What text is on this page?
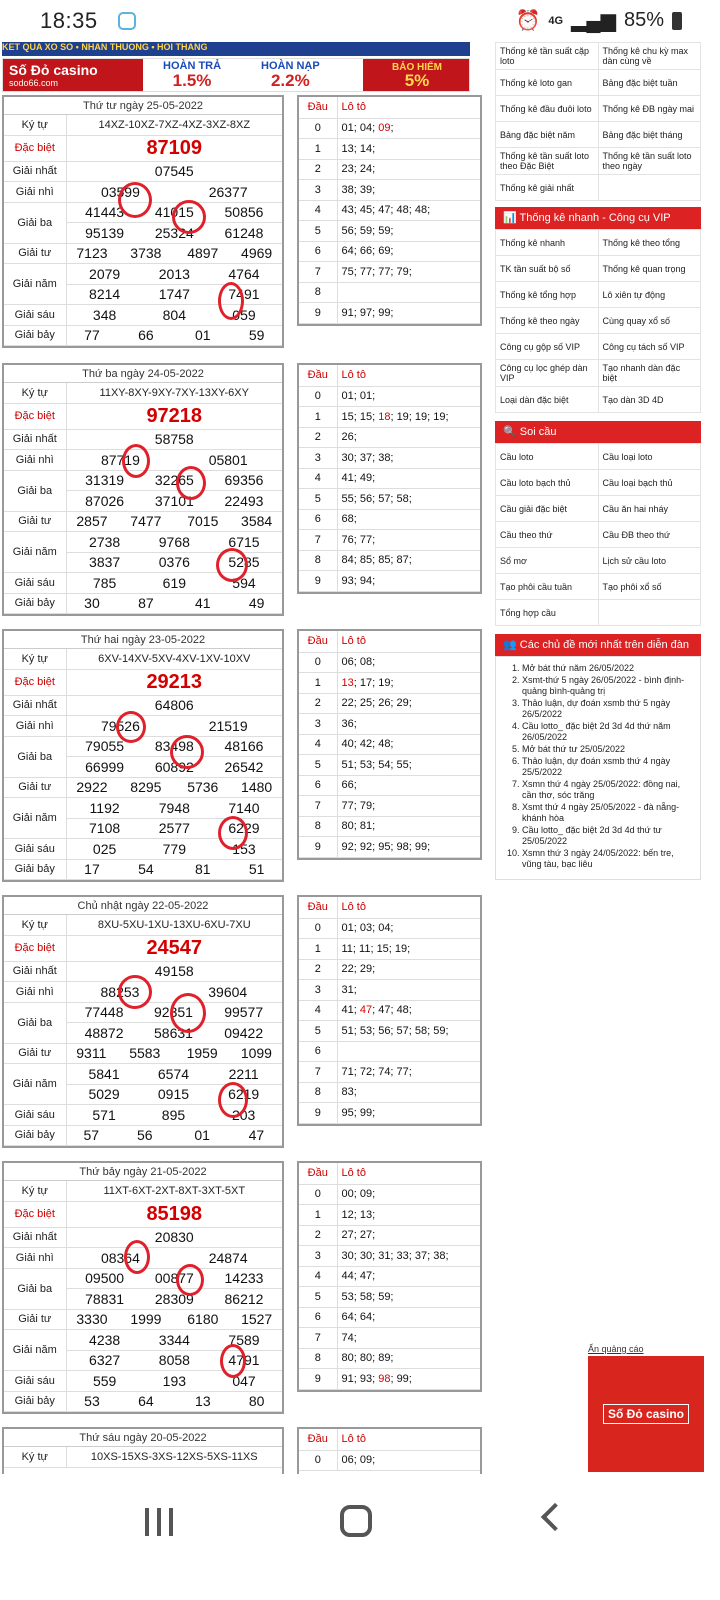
18:35	⏰ 4G ▂▄▆ 85%
KET QUA XO SO • NHAN THUONG • HOI THANG
Số Đỏ casino
sodo66.com
HOÀN TRẢ
1.5%
HOÀN NẠP
2.2%
BẢO HIỂM
5%
Thống kê tần suất cặp loto	Thống kê chu kỳ max dàn cùng về
Thống kê loto gan	Bảng đặc biệt tuần
Thống kê đầu đuôi loto	Thống kê ĐB ngày mai
Bảng đặc biệt năm	Bảng đặc biệt tháng
Thống kê tần suất loto theo Đặc Biệt	Thống kê tần suất loto theo ngày
Thống kê giải nhất	
📊 Thống kê nhanh - Công cụ VIP
Thống kê nhanh	Thống kê theo tổng
TK tần suất bộ số	Thống kê quan trọng
Thống kê tổng hợp	Lô xiên tự động
Thống kê theo ngày	Cùng quay xổ số
Công cụ gộp số VIP	Công cụ tách số VIP
Công cụ lọc ghép dàn VIP	Tạo nhanh dàn đặc biệt
Loại dàn đặc biệt	Tạo dàn 3D 4D
🔍 Soi cầu
Cầu loto	Cầu loại loto
Cầu loto bạch thủ	Cầu loại bạch thủ
Cầu giải đặc biệt	Cầu ăn hai nháy
Cầu theo thứ	Cầu ĐB theo thứ
Sổ mơ	Lịch sử cầu loto
Tạo phôi cầu tuần	Tạo phôi xổ số
Tổng hợp cầu	
👥 Các chủ đề mới nhất trên diễn đàn
1. Mở bát thứ năm 26/05/2022
2. Xsmt-thứ 5 ngày 26/05/2022 - bình định-quảng bình-quảng trị
3. Thảo luận, dự đoán xsmb thứ 5 ngày 26/5/2022
4. Cầu lotto_ đặc biệt 2d 3d 4d thứ năm 26/05/2022
5. Mở bát thứ tư 25/05/2022
6. Thảo luận, dự đoán xsmb thứ 4 ngày 25/5/2022
7. Xsmn thứ 4 ngày 25/05/2022: đồng nai, cần thơ, sóc trăng
8. Xsmt thứ 4 ngày 25/05/2022 - đà nẵng-khánh hòa
9. Cầu lotto_ đặc biệt 2d 3d 4d thứ tư 25/05/2022
10. Xsmn thứ 3 ngày 24/05/2022: bến tre, vũng tàu, bạc liêu
Ẩn quảng cáo
Số Đỏ casino
Thứ tư ngày 25-05-2022
Ký tự	14XZ-10XZ-7XZ-4XZ-3XZ-8XZ					
Đặc biệt	87109					
Giải nhất	07545					
Giải nhì	03599			26377		
Giải ba	41443		41015		50856	
	95139		25324		61248	
Giải tư	7123	3738		4897		4969
Giải năm	2079		2013		4764	
	8214		1747		7491	
Giải sáu	348		804		059	
Giải bảy	77	66		01		59
Đầu	Lô tô
0	01; 04; 09;
1	13; 14;
2	23; 24;
3	38; 39;
4	43; 45; 47; 48; 48;
5	56; 59; 59;
6	64; 66; 69;
7	75; 77; 77; 79;
8	
9	91; 97; 99;
Thứ ba ngày 24-05-2022
Ký tự	11XY-8XY-9XY-7XY-13XY-6XY					
Đặc biệt	97218					
Giải nhất	58758					
Giải nhì	87719			05801		
Giải ba	31319		32265		69356	
	87026		37101		22493	
Giải tư	2857	7477		7015		3584
Giải năm	2738		9768		6715	
	3837		0376		5285	
Giải sáu	785		619		594	
Giải bảy	30	87		41		49
Đầu	Lô tô
0	01; 01;
1	15; 15; 18; 19; 19; 19;
2	26;
3	30; 37; 38;
4	41; 49;
5	55; 56; 57; 58;
6	68;
7	76; 77;
8	84; 85; 85; 87;
9	93; 94;
Thứ hai ngày 23-05-2022
Ký tự	6XV-14XV-5XV-4XV-1XV-10XV					
Đặc biệt	29213					
Giải nhất	64806					
Giải nhì	79526			21519		
Giải ba	79055		83498		48166	
	66999		60892		26542	
Giải tư	2922	8295		5736		1480
Giải năm	1192		7948		7140	
	7108		2577		6229	
Giải sáu	025		779		153	
Giải bảy	17	54		81		51
Đầu	Lô tô
0	06; 08;
1	13; 17; 19;
2	22; 25; 26; 29;
3	36;
4	40; 42; 48;
5	51; 53; 54; 55;
6	66;
7	77; 79;
8	80; 81;
9	92; 92; 95; 98; 99;
Chủ nhật ngày 22-05-2022
Ký tự	8XU-5XU-1XU-13XU-6XU-7XU					
Đặc biệt	24547					
Giải nhất	49158					
Giải nhì	88253			39604		
Giải ba	77448		92351		99577	
	48872		58631		09422	
Giải tư	9311	5583		1959		1099
Giải năm	5841		6574		2211	
	5029		0915		6219	
Giải sáu	571		895		203	
Giải bảy	57	56		01		47
Đầu	Lô tô
0	01; 03; 04;
1	11; 11; 15; 19;
2	22; 29;
3	31;
4	41; 47; 47; 48;
5	51; 53; 56; 57; 58; 59;
6	
7	71; 72; 74; 77;
8	83;
9	95; 99;
Thứ bảy ngày 21-05-2022
Ký tự	11XT-6XT-2XT-8XT-3XT-5XT					
Đặc biệt	85198					
Giải nhất	20830					
Giải nhì	08364			24874		
Giải ba	09500		00877		14233	
	78831		28309		86212	
Giải tư	3330	1999		6180		1527
Giải năm	4238		3344		7589	
	6327		8058		4791	
Giải sáu	559		193		047	
Giải bảy	53	64		13		80
Đầu	Lô tô
0	00; 09;
1	12; 13;
2	27; 27;
3	30; 30; 31; 33; 37; 38;
4	44; 47;
5	53; 58; 59;
6	64; 64;
7	74;
8	80; 80; 89;
9	91; 93; 98; 99;
Thứ sáu ngày 20-05-2022
Ký tự	10XS-15XS-3XS-12XS-5XS-11XS
Đầu	Lô tô
0	06; 09;
